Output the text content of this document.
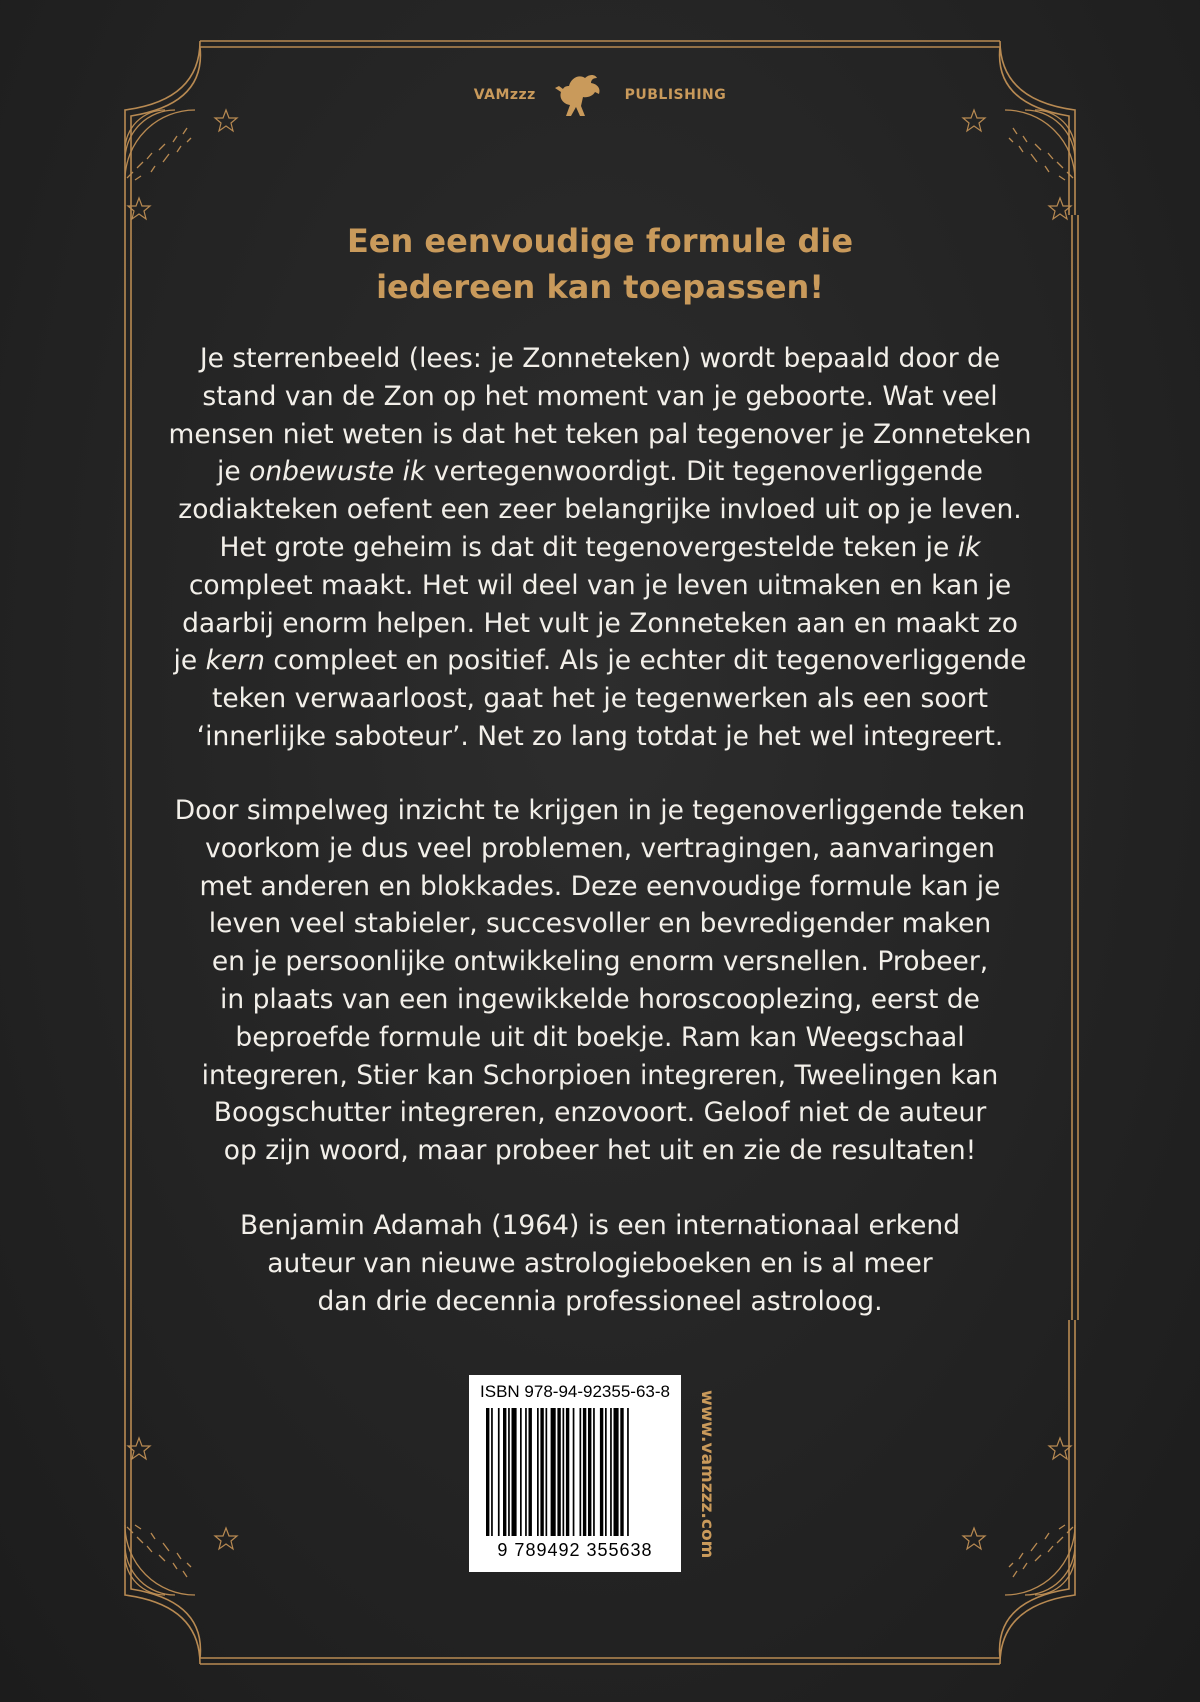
VAMzzz	PUBLISHING
Een eenvoudige formule die
iedereen kan toepassen!
Je sterrenbeeld (lees: je Zonneteken) wordt bepaald door de
stand van de Zon op het moment van je geboorte. Wat veel
mensen niet weten is dat het teken pal tegenover je Zonneteken
je onbewuste ik vertegenwoordigt. Dit tegenoverliggende
zodiakteken oefent een zeer belangrijke invloed uit op je leven.
Het grote geheim is dat dit tegenovergestelde teken je ik
compleet maakt. Het wil deel van je leven uitmaken en kan je
daarbij enorm helpen. Het vult je Zonneteken aan en maakt zo
je kern compleet en positief. Als je echter dit tegenoverliggende
teken verwaarloost, gaat het je tegenwerken als een soort
‘innerlijke saboteur’. Net zo lang totdat je het wel integreert.
Door simpelweg inzicht te krijgen in je tegenoverliggende teken
voorkom je dus veel problemen, vertragingen, aanvaringen
met anderen en blokkades. Deze eenvoudige formule kan je
leven veel stabieler, succesvoller en bevredigender maken
en je persoonlijke ontwikkeling enorm versnellen. Probeer,
in plaats van een ingewikkelde horoscooplezing, eerst de
beproefde formule uit dit boekje. Ram kan Weegschaal
integreren, Stier kan Schorpioen integreren, Tweelingen kan
Boogschutter integreren, enzovoort. Geloof niet de auteur
op zijn woord, maar probeer het uit en zie de resultaten!
Benjamin Adamah (1964) is een internationaal erkend
auteur van nieuwe astrologieboeken en is al meer
dan drie decennia professioneel astroloog.
ISBN 978-94-92355-63-8
9 789492 355638	www.vamzzz.com
